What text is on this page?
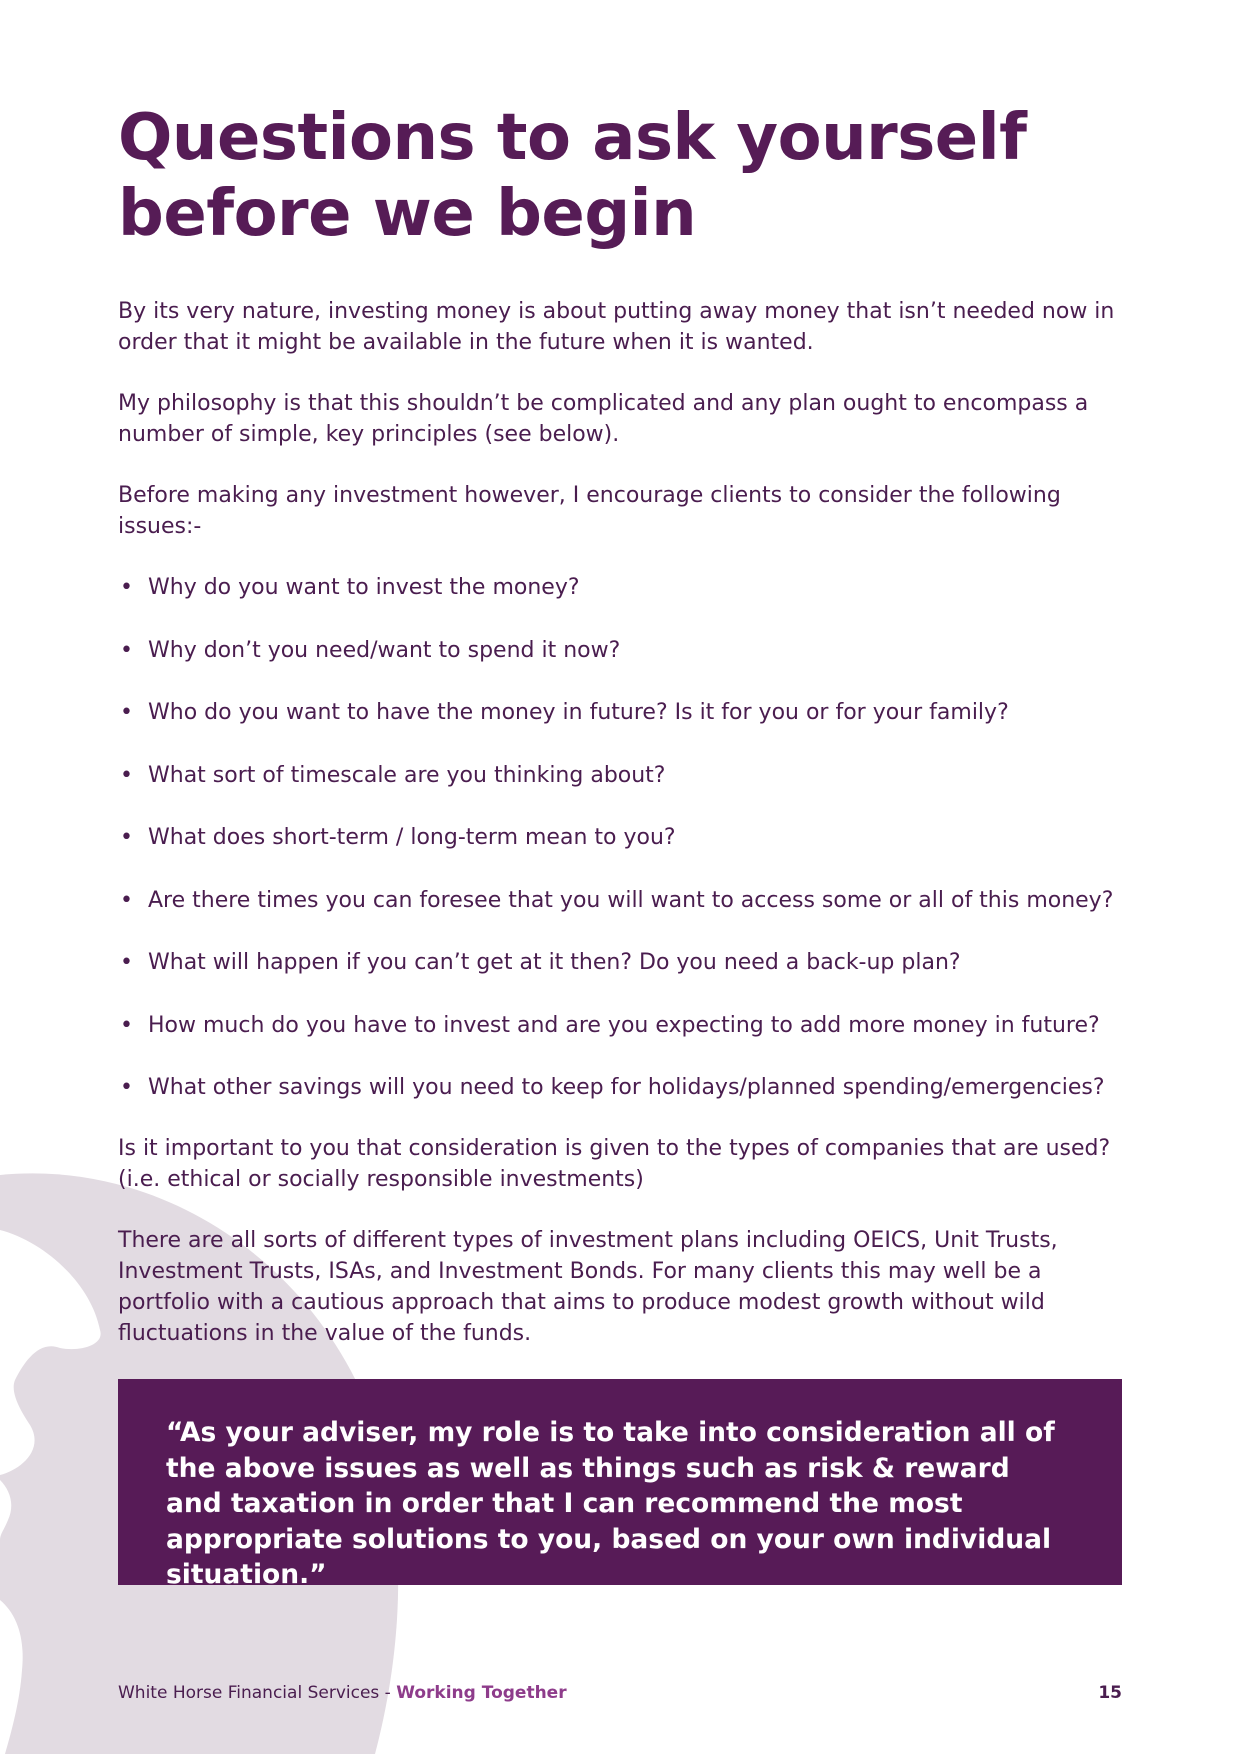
Questions to ask yourself
before we begin

By its very nature, investing money is about putting away money that isn’t needed now in order that it might be available in the future when it is wanted.

My philosophy is that this shouldn’t be complicated and any plan ought to encompass a number of simple, key principles (see below).

Before making any investment however, I encourage clients to consider the following issues:-

• Why do you want to invest the money?
• Why don’t you need/want to spend it now?
• Who do you want to have the money in future? Is it for you or for your family?
• What sort of timescale are you thinking about?
• What does short-term / long-term mean to you?
• Are there times you can foresee that you will want to access some or all of this money?
• What will happen if you can’t get at it then? Do you need a back-up plan?
• How much do you have to invest and are you expecting to add more money in future?
• What other savings will you need to keep for holidays/planned spending/emergencies?

Is it important to you that consideration is given to the types of companies that are used? (i.e. ethical or socially responsible investments)

There are all sorts of different types of investment plans including OEICS, Unit Trusts, Investment Trusts, ISAs, and Investment Bonds. For many clients this may well be a portfolio with a cautious approach that aims to produce modest growth without wild fluctuations in the value of the funds.

“As your adviser, my role is to take into consideration all of the above issues as well as things such as risk & reward and taxation in order that I can recommend the most appropriate solutions to you, based on your own individual situation.”

White Horse Financial Services - Working Together	15
